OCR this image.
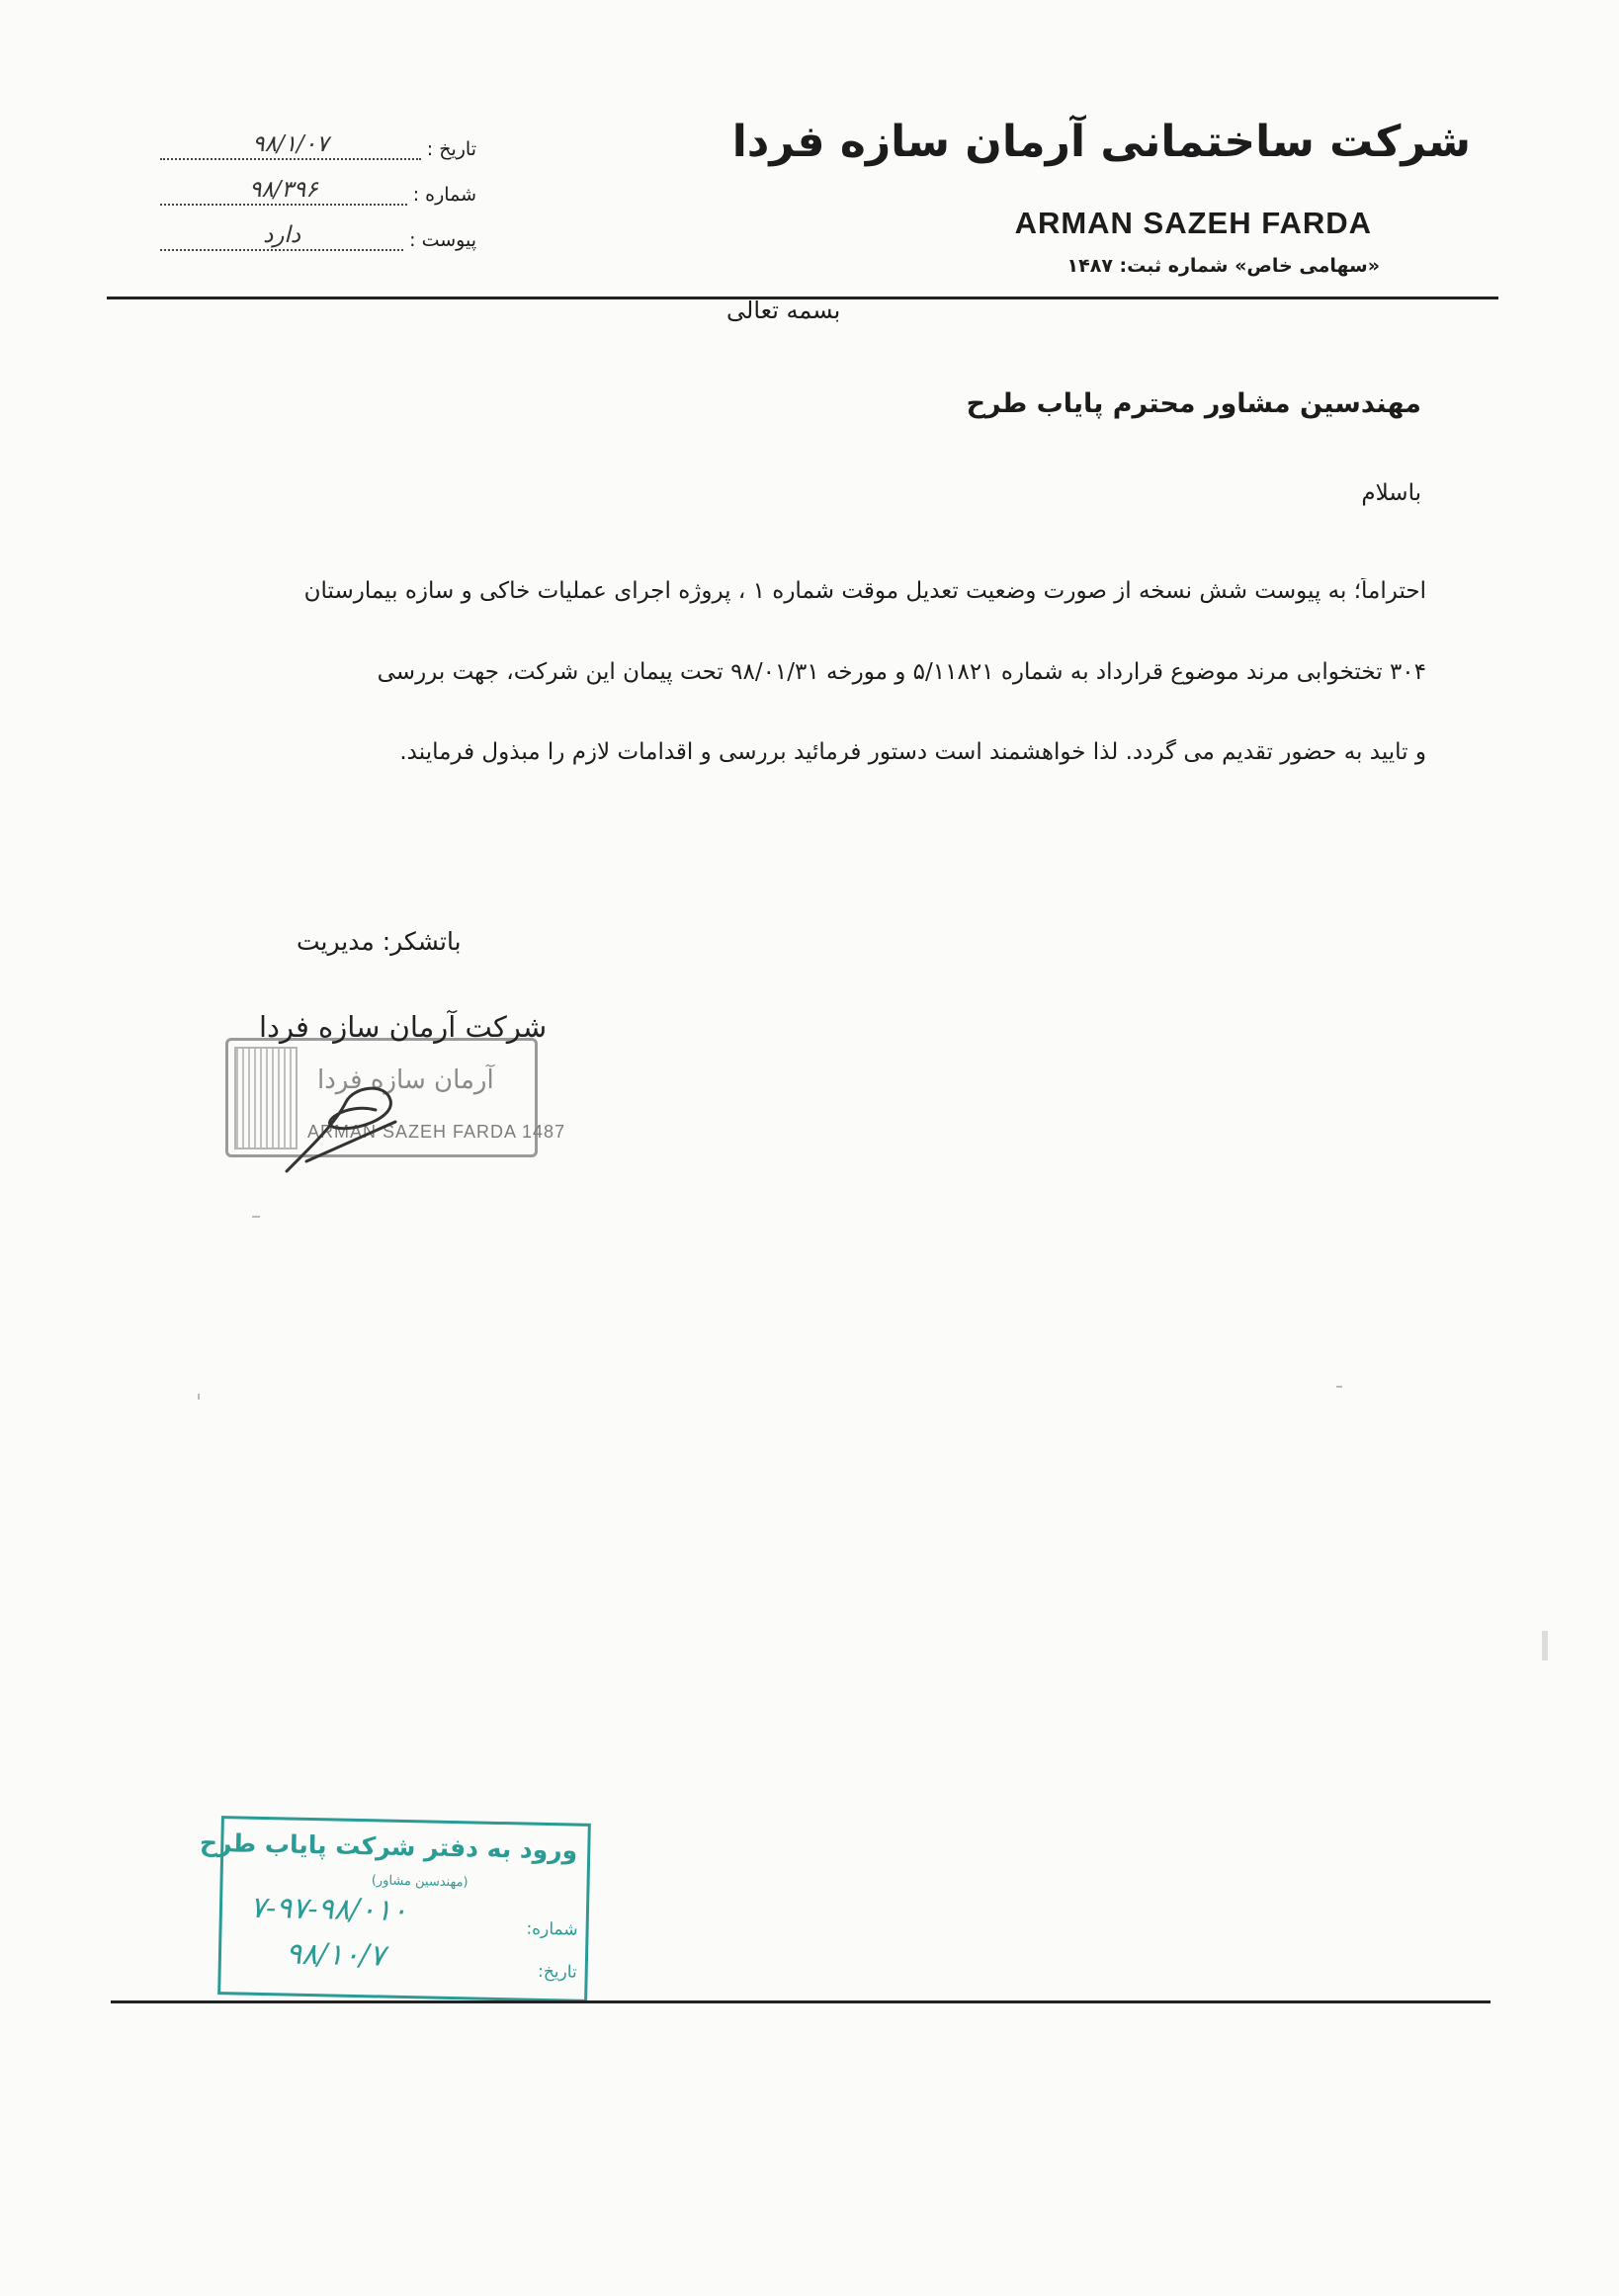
شرکت ساختمانی آرمان سازه فردا
ARMAN SAZEH FARDA
«سهامی خاص» شماره ثبت: ۱۴۸۷
تاریخ :
۹۸/۱/۰۷
شماره :
۹۸/۳۹۶
پیوست :
دارد
بسمه تعالی
مهندسین مشاور محترم پایاب طرح
باسلام
احتراماً؛ به پیوست شش نسخه از صورت وضعیت تعدیل موقت شماره ۱ ، پروژه اجرای عملیات خاکی و سازه بیمارستان
۳۰۴ تختخوابی مرند موضوع قرارداد به شماره ۵/۱۱۸۲۱ و مورخه ۹۸/۰۱/۳۱ تحت پیمان این شرکت، جهت بررسی
و تایید به حضور تقدیم می گردد. لذا خواهشمند است دستور فرمائید بررسی و اقدامات لازم را مبذول فرمایند.
باتشکر: مدیریت
آرمان سازه فردا
ARMAN SAZEH FARDA 1487
شرکت آرمان سازه فردا
ورود به دفتر شرکت پایاب طرح
(مهندسین مشاور)
شماره:
۷-۹۷-۹۸/۰۱۰
تاریخ:
۹۸/۱۰/۷
